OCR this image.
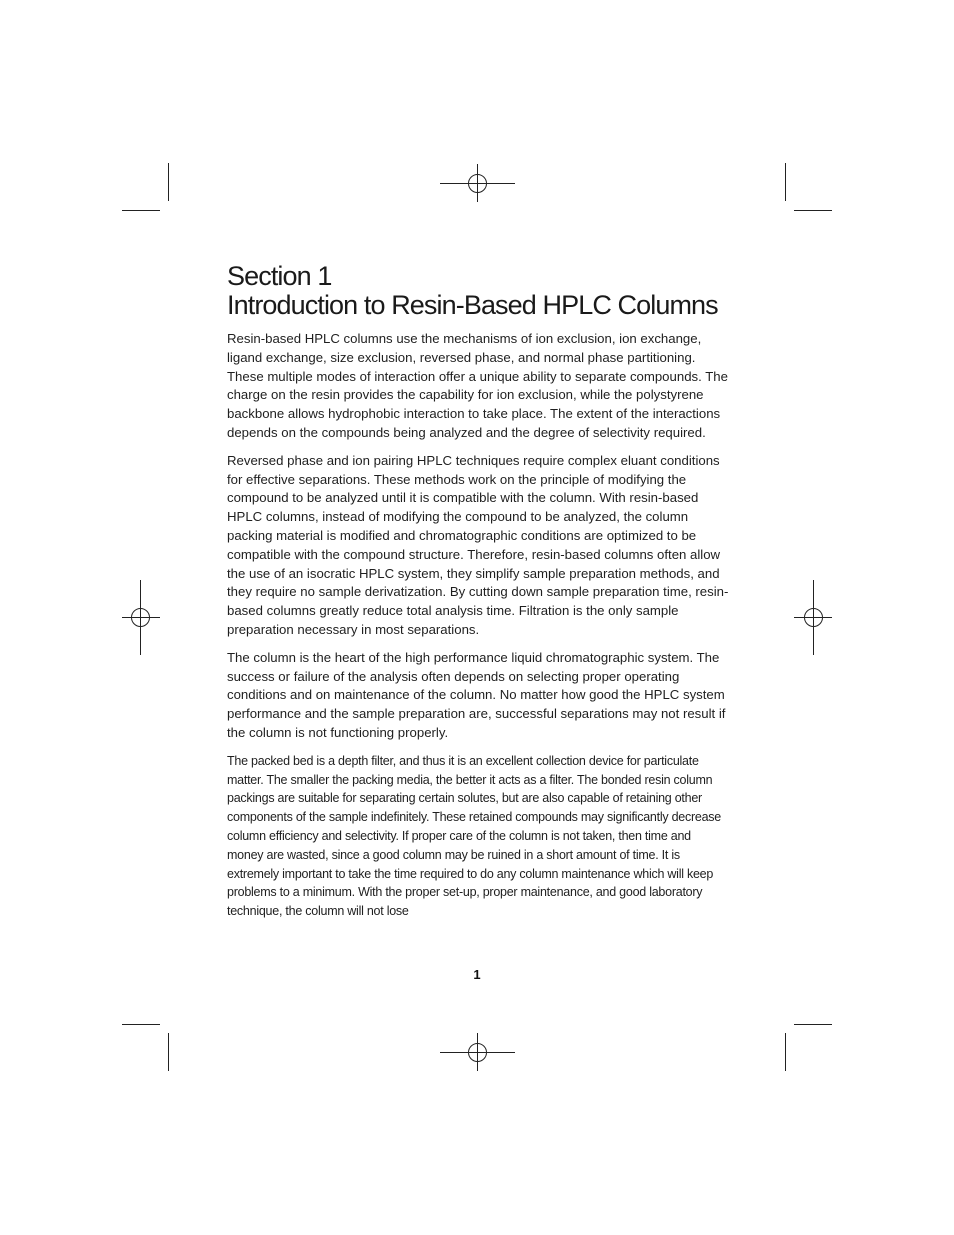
Section 1
Introduction to Resin-Based HPLC Columns

Resin-based HPLC columns use the mechanisms of ion exclusion, ion exchange, ligand exchange, size exclusion, reversed phase, and normal phase partitioning. These multiple modes of interaction offer a unique ability to separate compounds. The charge on the resin provides the capability for ion exclusion, while the polystyrene backbone allows hydrophobic interaction to take place. The extent of the interactions depends on the compounds being analyzed and the degree of selectivity required.

Reversed phase and ion pairing HPLC techniques require complex eluant conditions for effective separations. These methods work on the principle of modifying the compound to be analyzed until it is compatible with the column. With resin-based HPLC columns, instead of modifying the compound to be analyzed, the column packing material is modified and chromatographic conditions are optimized to be compatible with the compound structure. Therefore, resin-based columns often allow the use of an isocratic HPLC system, they simplify sample preparation methods, and they require no sample derivatization. By cutting down sample preparation time, resin-based columns greatly reduce total analysis time. Filtration is the only sample preparation necessary in most separations.

The column is the heart of the high performance liquid chromatographic system. The success or failure of the analysis often depends on selecting proper operating conditions and on maintenance of the column. No matter how good the HPLC system performance and the sample preparation are, successful separations may not result if the column is not functioning properly.

The packed bed is a depth filter, and thus it is an excellent collection device for particulate matter. The smaller the packing media, the better it acts as a filter. The bonded resin column packings are suitable for separating certain solutes, but are also capable of retaining other components of the sample indefinitely. These retained compounds may significantly decrease column efficiency and selectivity. If proper care of the column is not taken, then time and money are wasted, since a good column may be ruined in a short amount of time. It is extremely important to take the time required to do any column maintenance which will keep problems to a minimum. With the proper set-up, proper maintenance, and good laboratory technique, the column will not lose

1
